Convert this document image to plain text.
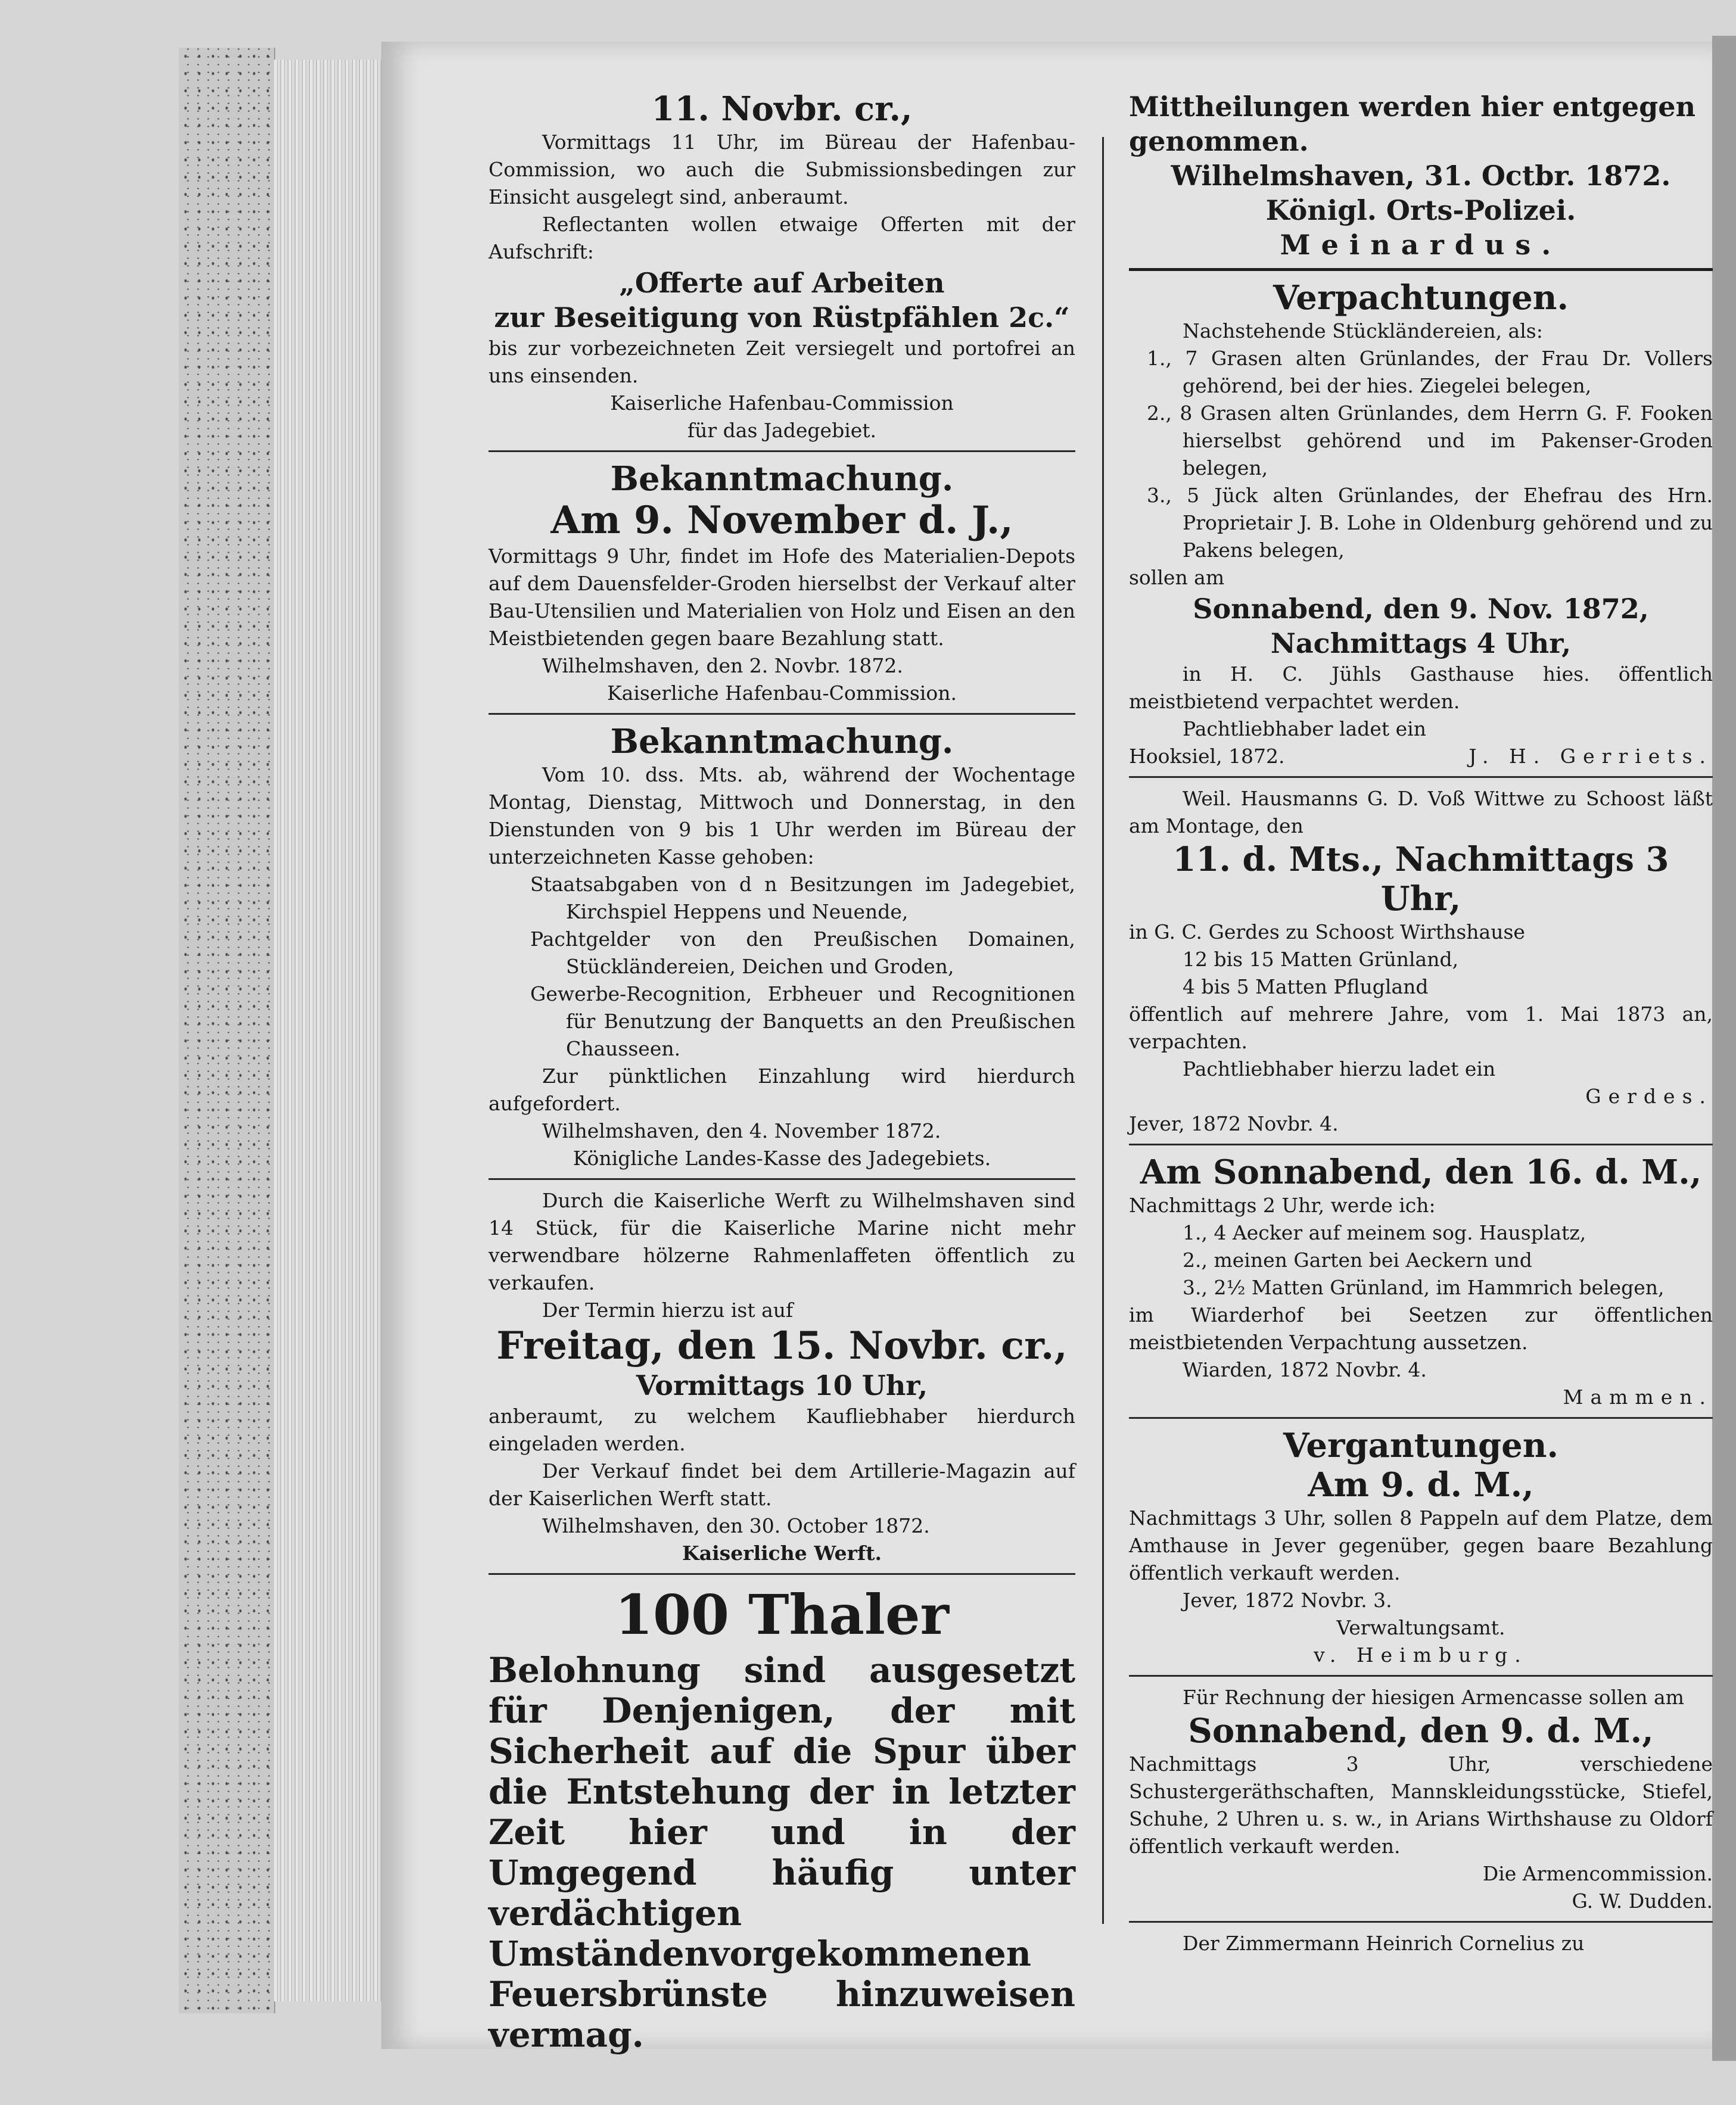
11. Novbr. cr.,

Vormittags 11 Uhr, im Büreau der Hafenbau-Commission, wo auch die Submissionsbedingen zur Einsicht ausgelegt sind, anberaumt.

Reflectanten wollen etwaige Offerten mit der Aufschrift:

„Offerte auf Arbeiten

zur Beseitigung von Rüstpfählen 2c.“

bis zur vorbezeichneten Zeit versiegelt und portofrei an uns einsenden.

Kaiserliche Hafenbau-Commission

für das Jadegebiet.

Bekanntmachung.

Am 9. November d. J.,

Vormittags 9 Uhr, findet im Hofe des Materialien-Depots auf dem Dauensfelder-Groden hierselbst der Verkauf alter Bau-Utensilien und Materialien von Holz und Eisen an den Meistbietenden gegen baare Bezahlung statt.

Wilhelmshaven, den 2. Novbr. 1872.

Kaiserliche Hafenbau-Commission.

Bekanntmachung.

Vom 10. dss. Mts. ab, während der Wochentage Montag, Dienstag, Mittwoch und Donnerstag, in den Dienstunden von 9 bis 1 Uhr werden im Büreau der unterzeichneten Kasse gehoben:

Staatsabgaben von d n Besitzungen im Jadegebiet, Kirchspiel Heppens und Neuende,

Pachtgelder von den Preußischen Domainen, Stückländereien, Deichen und Groden,

Gewerbe-Recognition, Erbheuer und Recognitionen für Benutzung der Banquetts an den Preußischen Chausseen.

Zur pünktlichen Einzahlung wird hierdurch aufgefordert.

Wilhelmshaven, den 4. November 1872.

Königliche Landes-Kasse des Jadegebiets.

Durch die Kaiserliche Werft zu Wilhelmshaven sind 14 Stück, für die Kaiserliche Marine nicht mehr verwendbare hölzerne Rahmenlaffeten öffentlich zu verkaufen.

Der Termin hierzu ist auf

Freitag, den 15. Novbr. cr.,

Vormittags 10 Uhr,

anberaumt, zu welchem Kaufliebhaber hierdurch eingeladen werden.

Der Verkauf findet bei dem Artillerie-Magazin auf der Kaiserlichen Werft statt.

Wilhelmshaven, den 30. October 1872.

Kaiserliche Werft.

100 Thaler

Belohnung sind ausgesetzt für Denjenigen, der mit Sicherheit auf die Spur über die Entstehung der in letzter Zeit hier und in der Umgegend häufig unter verdächtigen Umständenvorgekommenen Feuersbrünste hinzuweisen vermag.

Mittheilungen werden hier entgegen genommen.

Wilhelmshaven, 31. Octbr. 1872.

Königl. Orts-Polizei.

Meinardus.

Verpachtungen.

Nachstehende Stückländereien, als:

1., 7 Grasen alten Grünlandes, der Frau Dr. Vollers gehörend, bei der hies. Ziegelei belegen,

2., 8 Grasen alten Grünlandes, dem Herrn G. F. Fooken hierselbst gehörend und im Pakenser-Groden belegen,

3., 5 Jück alten Grünlandes, der Ehefrau des Hrn. Proprietair J. B. Lohe in Oldenburg gehörend und zu Pakens belegen,

sollen am

Sonnabend, den 9. Nov. 1872,

Nachmittags 4 Uhr,

in H. C. Jühls Gasthause hies. öffentlich meistbietend verpachtet werden.

Pachtliebhaber ladet ein

Hooksiel, 1872.	J. H. Gerriets.

Weil. Hausmanns G. D. Voß Wittwe zu Schoost läßt am Montage, den

11. d. Mts., Nachmittags 3 Uhr,

in G. C. Gerdes zu Schoost Wirthshause

12 bis 15 Matten Grünland,

4 bis 5 Matten Pflugland

öffentlich auf mehrere Jahre, vom 1. Mai 1873 an, verpachten.

Pachtliebhaber hierzu ladet ein

Gerdes.

Jever, 1872 Novbr. 4.

Am Sonnabend, den 16. d. M.,

Nachmittags 2 Uhr, werde ich:

1., 4 Aecker auf meinem sog. Hausplatz,

2., meinen Garten bei Aeckern und

3., 2½ Matten Grünland, im Hammrich belegen,

im Wiarderhof bei Seetzen zur öffentlichen meistbietenden Verpachtung aussetzen.

Wiarden, 1872 Novbr. 4.

Mammen.

Vergantungen.

Am 9. d. M.,

Nachmittags 3 Uhr, sollen 8 Pappeln auf dem Platze, dem Amthause in Jever gegenüber, gegen baare Bezahlung öffentlich verkauft werden.

Jever, 1872 Novbr. 3.

Verwaltungsamt.

v. Heimburg.

Für Rechnung der hiesigen Armencasse sollen am

Sonnabend, den 9. d. M.,

Nachmittags 3 Uhr, verschiedene Schustergeräthschaften, Mannskleidungsstücke, Stiefel, Schuhe, 2 Uhren u. s. w., in Arians Wirthshause zu Oldorf öffentlich verkauft werden.

Die Armencommission.

G. W. Dudden.

Der Zimmermann Heinrich Cornelius zu
